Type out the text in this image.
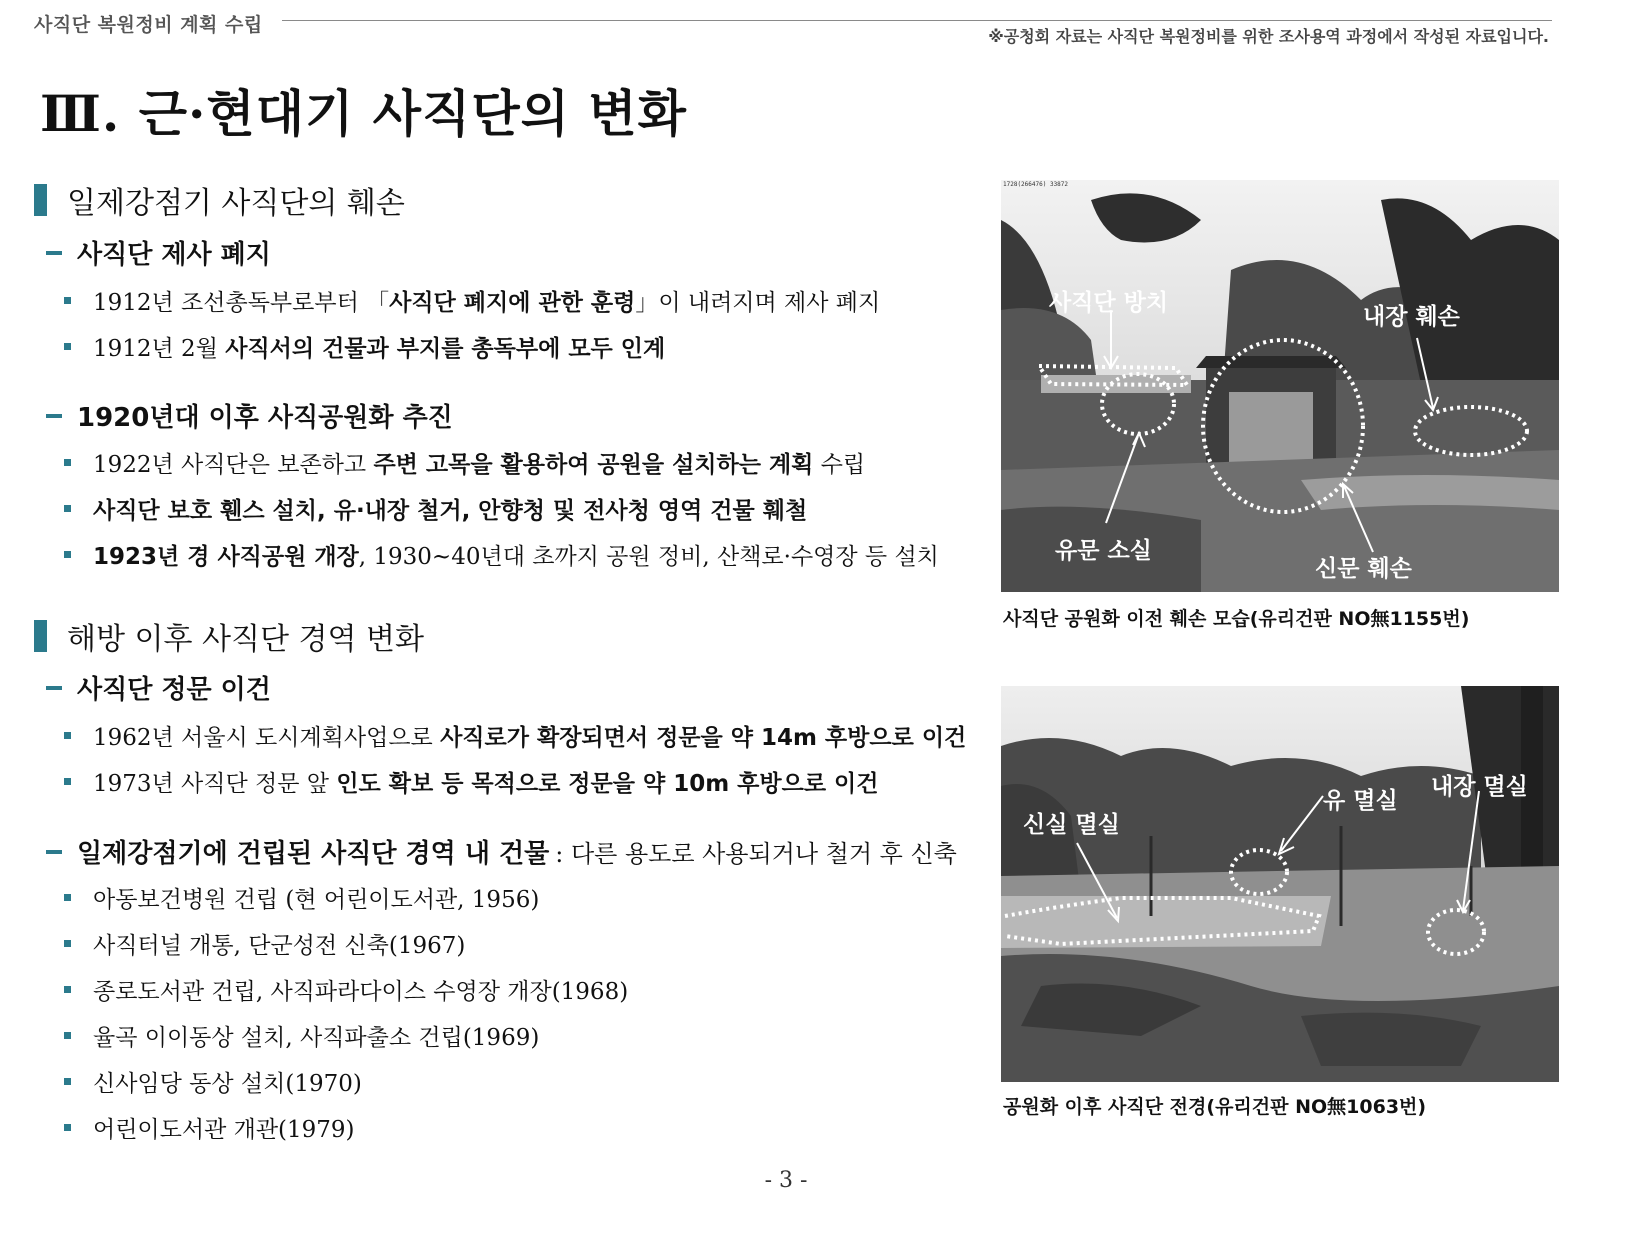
사직단 복원정비 계획 수립
※공청회 자료는 사직단 복원정비를 위한 조사용역 과정에서 작성된 자료입니다.
Ⅲ. 근·현대기 사직단의 변화
일제강점기 사직단의 훼손
사직단 제사 폐지
1912년 조선총독부로부터 「사직단 폐지에 관한 훈령」이 내려지며 제사 폐지
1912년 2월 사직서의 건물과 부지를 총독부에 모두 인계
1920년대 이후 사직공원화 추진
1922년 사직단은 보존하고 주변 고목을 활용하여 공원을 설치하는 계획 수립
사직단 보호 휀스 설치, 유·내장 철거, 안향청 및 전사청 영역 건물 훼철
1923년 경 사직공원 개장, 1930~40년대 초까지 공원 정비, 산책로·수영장 등 설치
해방 이후 사직단 경역 변화
사직단 정문 이건
1962년 서울시 도시계획사업으로 사직로가 확장되면서 정문을 약 14m 후방으로 이건
1973년 사직단 정문 앞 인도 확보 등 목적으로 정문을 약 10m 후방으로 이건
일제강점기에 건립된 사직단 경역 내 건물 : 다른 용도로 사용되거나 철거 후 신축
아동보건병원 건립 (현 어린이도서관, 1956)
사직터널 개통, 단군성전 신축(1967)
종로도서관 건립, 사직파라다이스 수영장 개장(1968)
율곡 이이동상 설치, 사직파출소 건립(1969)
신사임당 동상 설치(1970)
어린이도서관 개관(1979)
1728(266476) 33872
사직단 방치
내장 훼손
유문 소실
신문 훼손
사직단 공원화 이전 훼손 모습(유리건판 NO無1155번)
신실 멸실
유 멸실
내장 멸실
공원화 이후 사직단 전경(유리건판 NO無1063번)
- 3 -
